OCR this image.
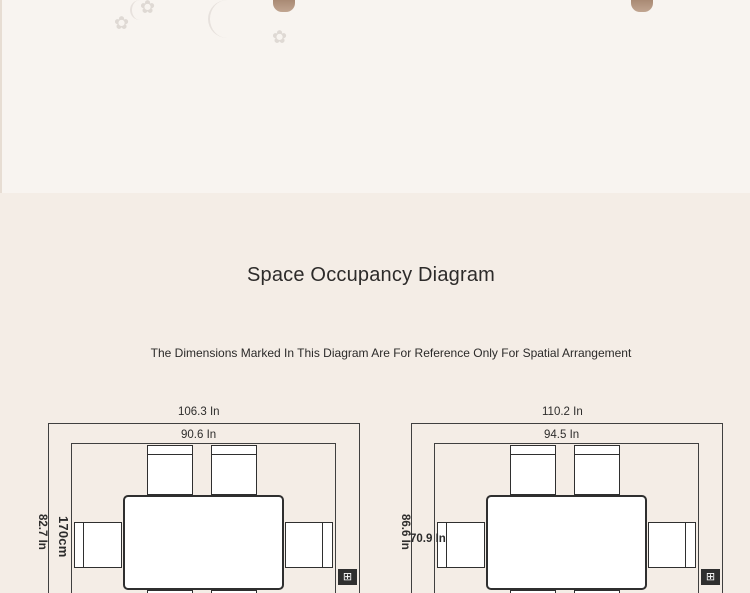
✿
✿
✿
Space Occupancy Diagram
The Dimensions Marked In This Diagram Are For Reference Only For Spatial Arrangement
106.3 In
90.6 In
82.7 In 170cm
⊞
110.2 In
94.5 In
86.6 In 70.9 In
⊞
